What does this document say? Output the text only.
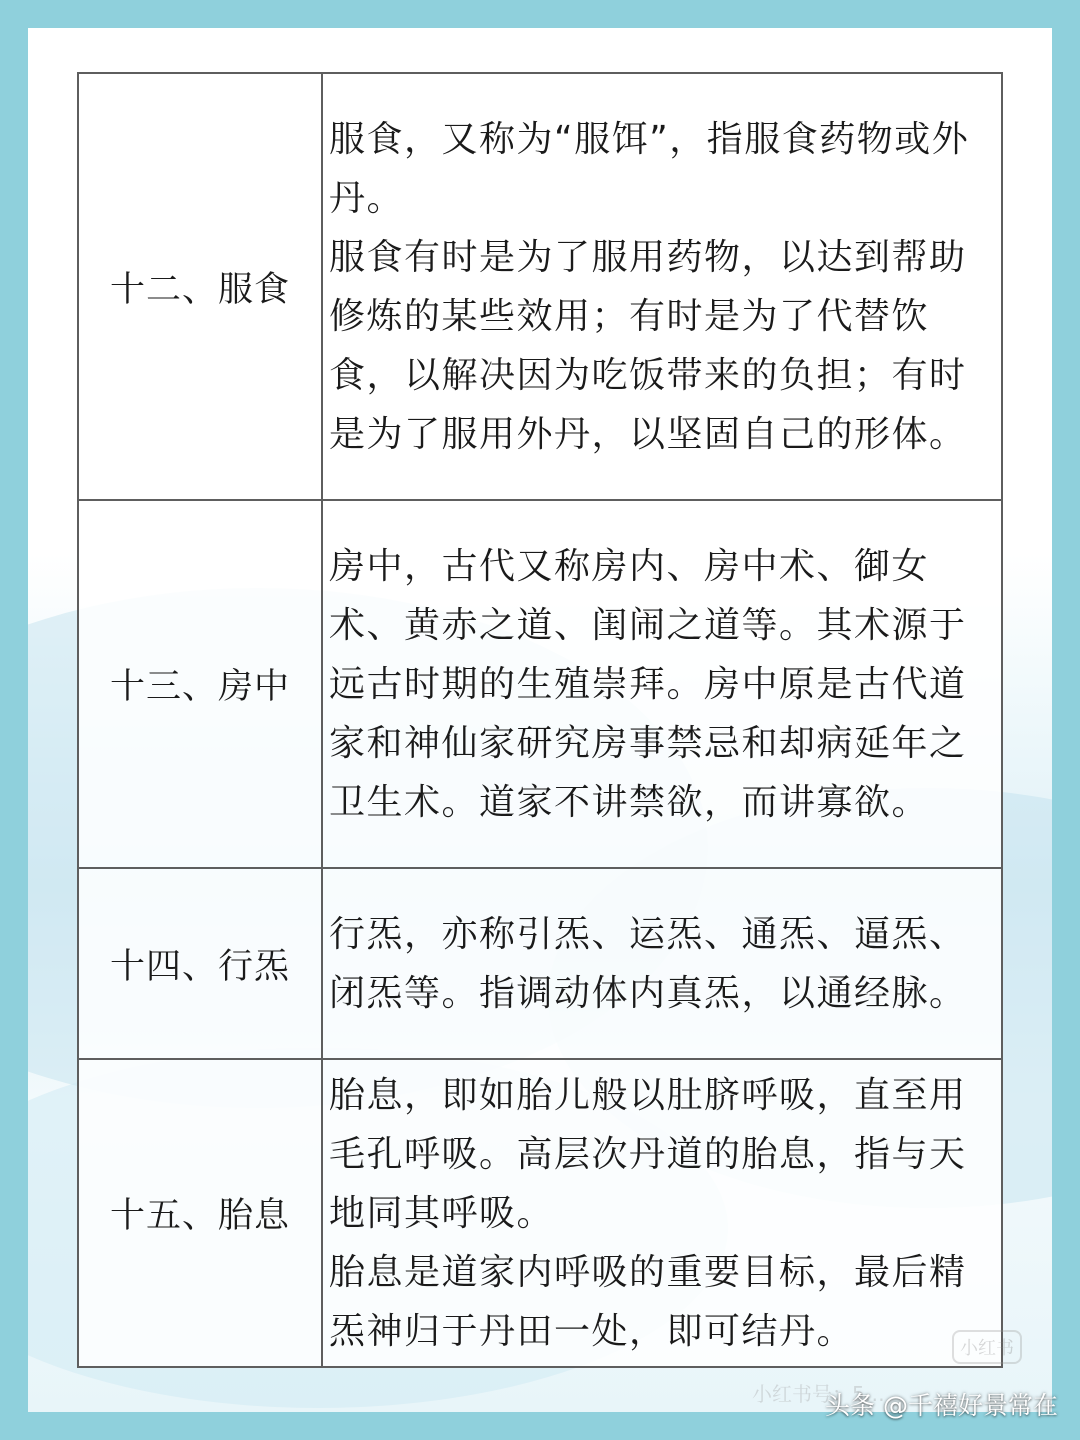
十二、服食	服食，又称为“服饵”，指服食药物或外丹。
服食有时是为了服用药物，以达到帮助修炼的某些效用；有时是为了代替饮食，以解决因为吃饭带来的负担；有时是为了服用外丹，以坚固自己的形体。

十三、房中	房中，古代又称房内、房中术、御女术、黄赤之道、闺闹之道等。其术源于远古时期的生殖崇拜。房中原是古代道家和神仙家研究房事禁忌和却病延年之卫生术。道家不讲禁欲，而讲寡欲。

十四、行炁	行炁，亦称引炁、运炁、通炁、逼炁、闭炁等。指调动体内真炁，以通经脉。

十五、胎息	胎息，即如胎儿般以肚脐呼吸，直至用毛孔呼吸。高层次丹道的胎息，指与天地同其呼吸。
胎息是道家内呼吸的重要目标，最后精炁神归于丹田一处，即可结丹。	小红书
小红书号：5…
头条 @千禧好景常在
